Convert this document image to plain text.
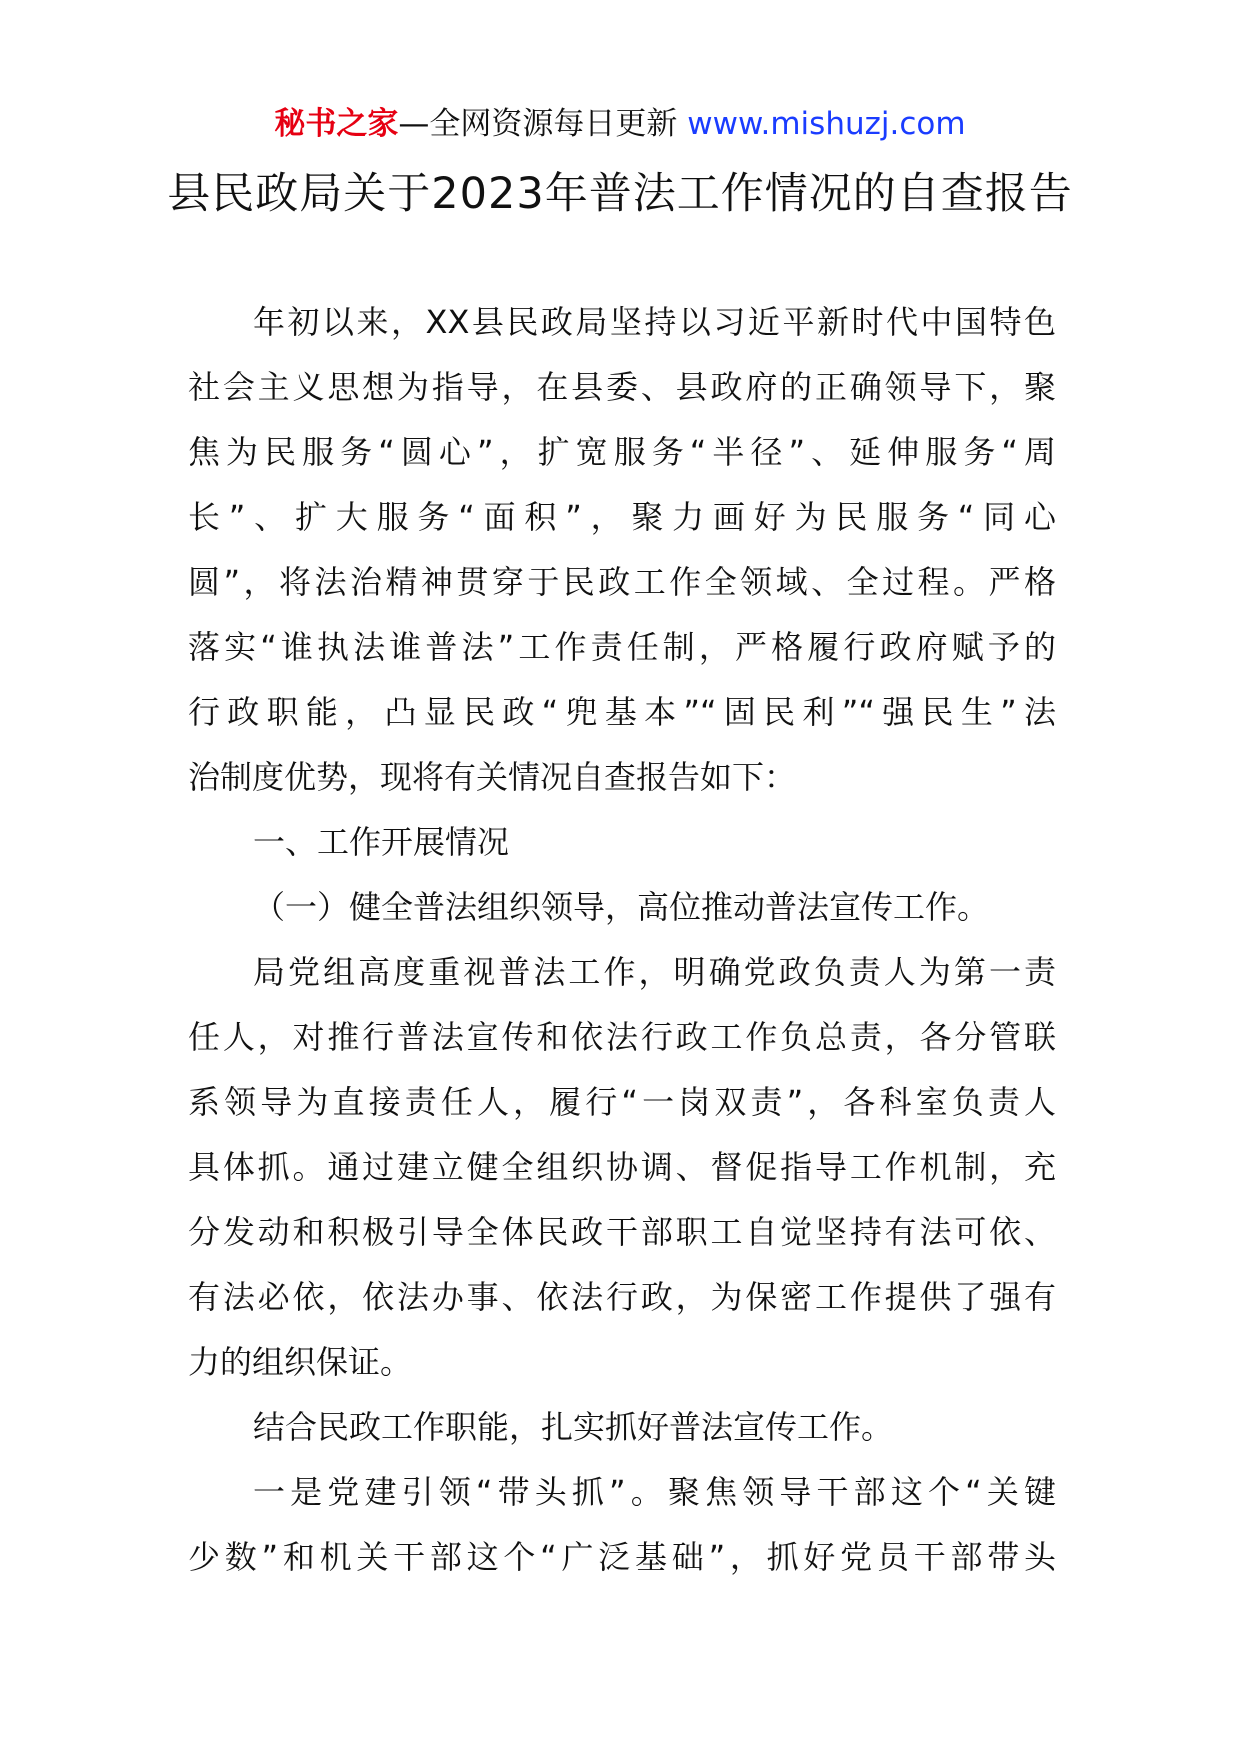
秘书之家—全网资源每日更新 www.mishuzj.com
县民政局关于2023年普法工作情况的自查报告
年初以来，XX县民政局坚持以习近平新时代中国特色
社会主义思想为指导，在县委、县政府的正确领导下，聚
焦为民服务“圆心”，扩宽服务“半径”、延伸服务“周
长”、扩大服务“面积”，聚力画好为民服务“同心
圆”，将法治精神贯穿于民政工作全领域、全过程。严格
落实“谁执法谁普法”工作责任制，严格履行政府赋予的
行政职能，凸显民政“兜基本”“固民利”“强民生”法
治制度优势，现将有关情况自查报告如下：
一、工作开展情况
（一）健全普法组织领导，高位推动普法宣传工作。
局党组高度重视普法工作，明确党政负责人为第一责
任人，对推行普法宣传和依法行政工作负总责，各分管联
系领导为直接责任人，履行“一岗双责”，各科室负责人
具体抓。通过建立健全组织协调、督促指导工作机制，充
分发动和积极引导全体民政干部职工自觉坚持有法可依、
有法必依，依法办事、依法行政，为保密工作提供了强有
力的组织保证。
结合民政工作职能，扎实抓好普法宣传工作。
一是党建引领“带头抓”。聚焦领导干部这个“关键
少数”和机关干部这个“广泛基础”，抓好党员干部带头
